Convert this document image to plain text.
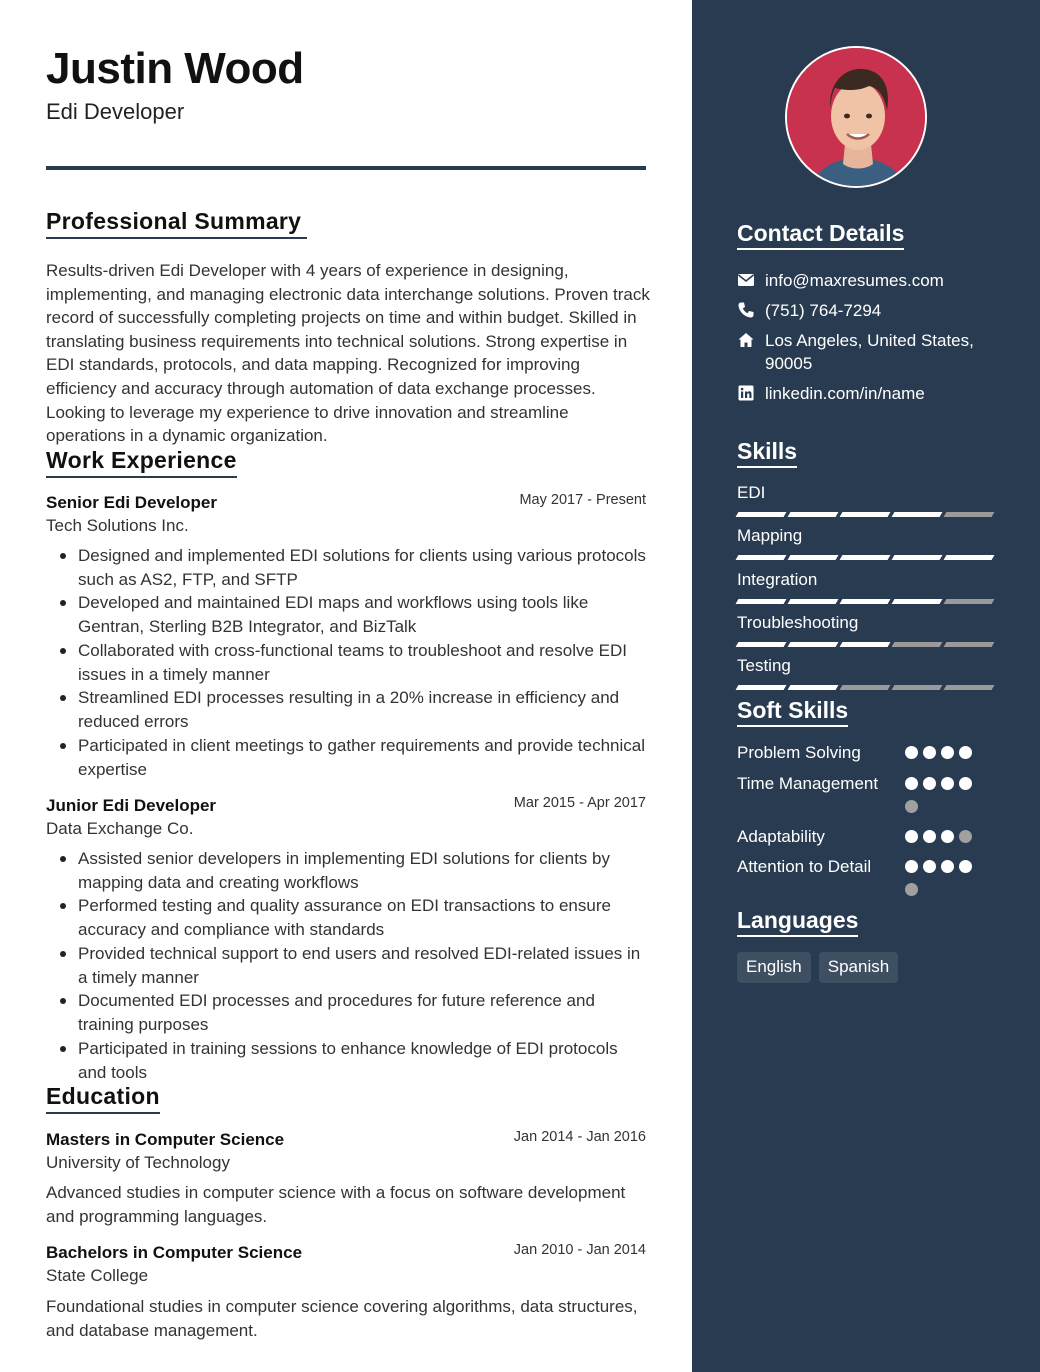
Justin Wood
Edi Developer
Professional Summary
Results-driven Edi Developer with 4 years of experience in designing, implementing, and managing electronic data interchange solutions. Proven track record of successfully completing projects on time and within budget. Skilled in translating business requirements into technical solutions. Strong expertise in EDI standards, protocols, and data mapping. Recognized for improving efficiency and accuracy through automation of data exchange processes. Looking to leverage my experience to drive innovation and streamline operations in a dynamic organization.
Work Experience
Senior Edi Developer	May 2017 - Present
Tech Solutions Inc.
Designed and implemented EDI solutions for clients using various protocols such as AS2, FTP, and SFTP
Developed and maintained EDI maps and workflows using tools like Gentran, Sterling B2B Integrator, and BizTalk
Collaborated with cross-functional teams to troubleshoot and resolve EDI issues in a timely manner
Streamlined EDI processes resulting in a 20% increase in efficiency and reduced errors
Participated in client meetings to gather requirements and provide technical expertise
Junior Edi Developer	Mar 2015 - Apr 2017
Data Exchange Co.
Assisted senior developers in implementing EDI solutions for clients by mapping data and creating workflows
Performed testing and quality assurance on EDI transactions to ensure accuracy and compliance with standards
Provided technical support to end users and resolved EDI-related issues in a timely manner
Documented EDI processes and procedures for future reference and training purposes
Participated in training sessions to enhance knowledge of EDI protocols and tools
Education
Masters in Computer Science	Jan 2014 - Jan 2016
University of Technology
Advanced studies in computer science with a focus on software development and programming languages.
Bachelors in Computer Science	Jan 2010 - Jan 2014
State College
Foundational studies in computer science covering algorithms, data structures, and database management.
Contact Details
info@maxresumes.com
(751) 764-7294
Los Angeles, United States, 90005
linkedin.com/in/name
Skills
EDI
Mapping
Integration
Troubleshooting
Testing
Soft Skills
Problem Solving
Time Management
Adaptability
Attention to Detail
Languages
English	Spanish
